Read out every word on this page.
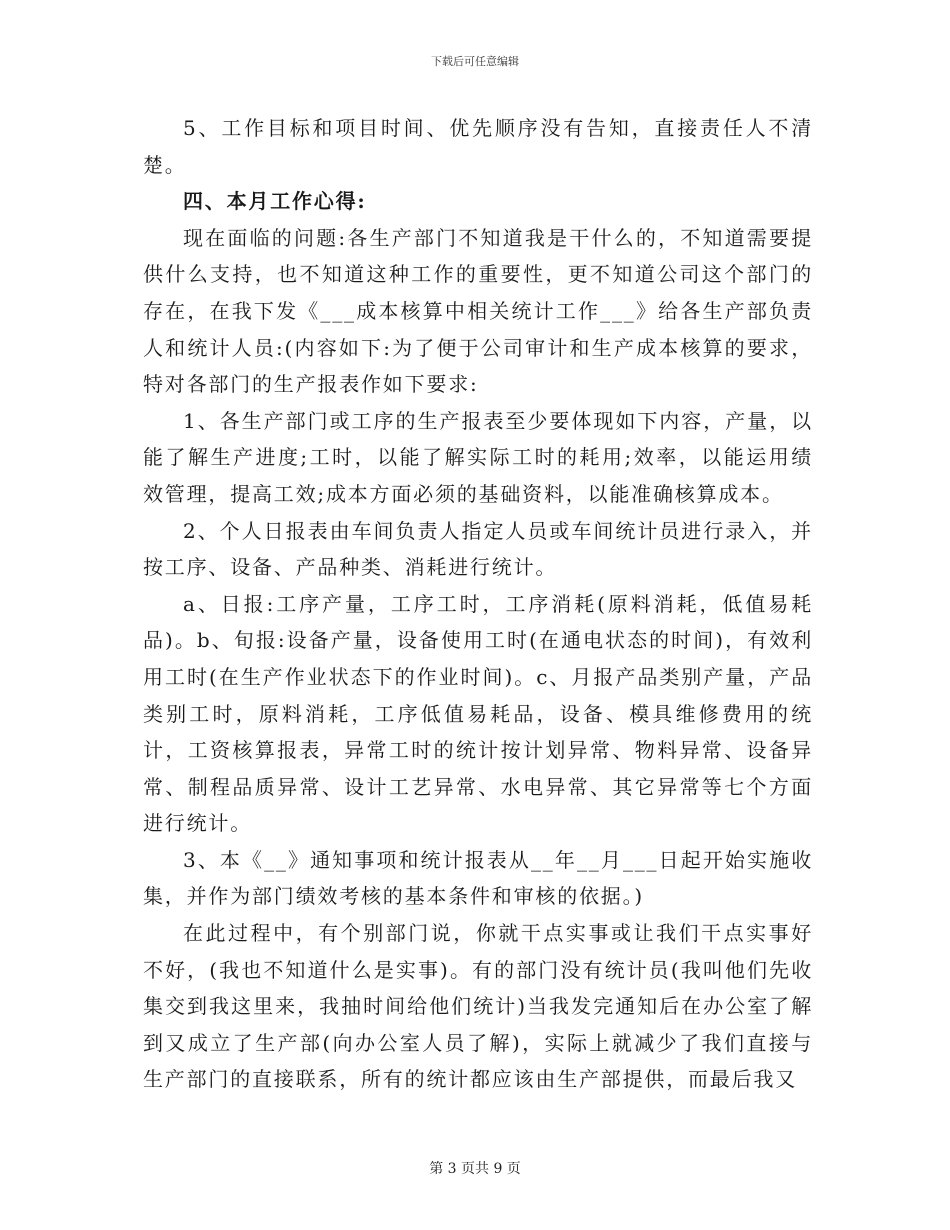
下载后可任意编辑

5、工作目标和项目时间、优先顺序没有告知，直接责任人不清楚。

四、本月工作心得:

现在面临的问题:各生产部门不知道我是干什么的，不知道需要提供什么支持，也不知道这种工作的重要性，更不知道公司这个部门的存在，在我下发《___成本核算中相关统计工作___》给各生产部负责人和统计人员:(内容如下:为了便于公司审计和生产成本核算的要求，特对各部门的生产报表作如下要求:

1、各生产部门或工序的生产报表至少要体现如下内容，产量，以能了解生产进度;工时，以能了解实际工时的耗用;效率，以能运用绩效管理，提高工效;成本方面必须的基础资料，以能准确核算成本。

2、个人日报表由车间负责人指定人员或车间统计员进行录入，并按工序、设备、产品种类、消耗进行统计。

a、日报:工序产量，工序工时，工序消耗(原料消耗，低值易耗品)。b、旬报:设备产量，设备使用工时(在通电状态的时间)，有效利用工时(在生产作业状态下的作业时间)。c、月报产品类别产量，产品类别工时，原料消耗，工序低值易耗品，设备、模具维修费用的统计，工资核算报表，异常工时的统计按计划异常、物料异常、设备异常、制程品质异常、设计工艺异常、水电异常、其它异常等七个方面进行统计。

3、本《__》通知事项和统计报表从__年__月___日起开始实施收集，并作为部门绩效考核的基本条件和审核的依据。)

在此过程中，有个别部门说，你就干点实事或让我们干点实事好不好，(我也不知道什么是实事)。有的部门没有统计员(我叫他们先收集交到我这里来，我抽时间给他们统计)当我发完通知后在办公室了解到又成立了生产部(向办公室人员了解)，实际上就减少了我们直接与生产部门的直接联系，所有的统计都应该由生产部提供，而最后我又

第 3 页共 9 页
